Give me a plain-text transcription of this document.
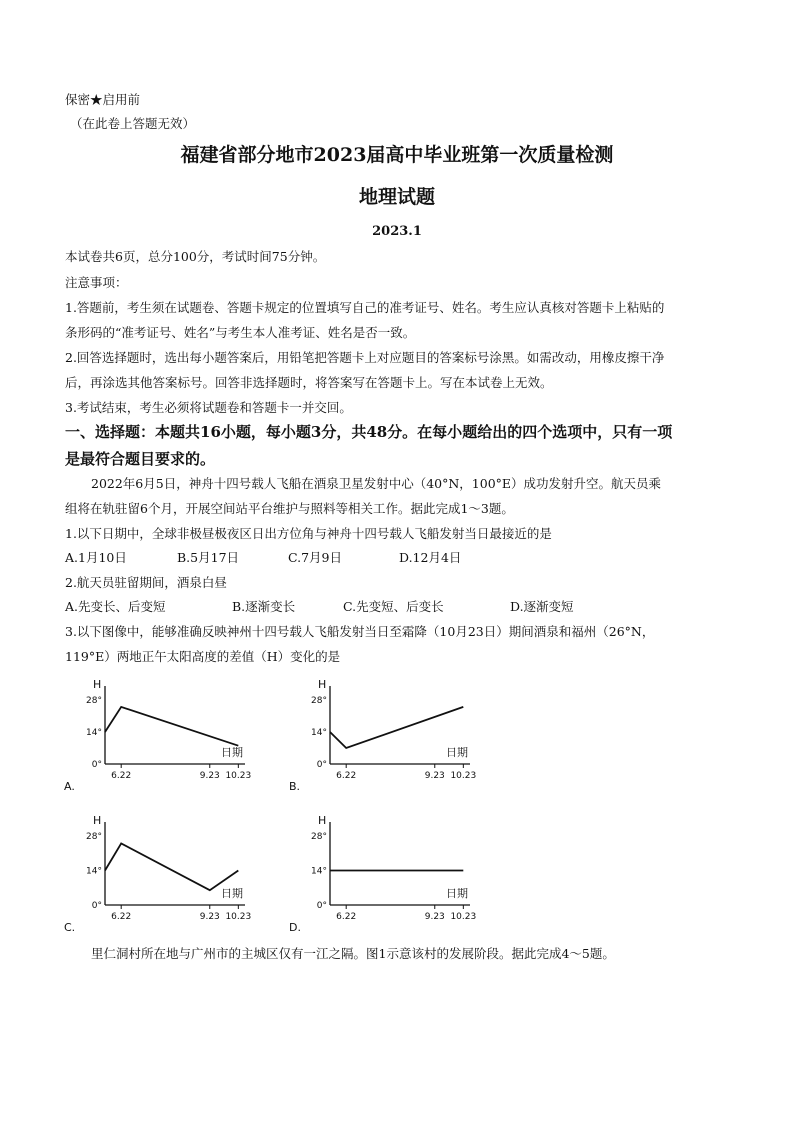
保密★启用前
（在此卷上答题无效）
福建省部分地市2023届高中毕业班第一次质量检测
地理试题
2023.1
本试卷共6页，总分100分，考试时间75分钟。
注意事项：
1.答题前，考生须在试题卷、答题卡规定的位置填写自己的准考证号、姓名。考生应认真核对答题卡上粘贴的
条形码的“准考证号、姓名”与考生本人准考证、姓名是否一致。
2.回答选择题时，选出每小题答案后，用铅笔把答题卡上对应题目的答案标号涂黑。如需改动，用橡皮擦干净
后，再涂选其他答案标号。回答非选择题时，将答案写在答题卡上。写在本试卷上无效。
3.考试结束，考生必须将试题卷和答题卡一并交回。
一、选择题：本题共16小题，每小题3分，共48分。在每小题给出的四个选项中，只有一项
是最符合题目要求的。
2022年6月5日，神舟十四号载人飞船在酒泉卫星发射中心（40°N，100°E）成功发射升空。航天员乘
组将在轨驻留6个月，开展空间站平台维护与照料等相关工作。据此完成1～3题。
1.以下日期中，全球非极昼极夜区日出方位角与神舟十四号载人飞船发射当日最接近的是
A.1月10日	B.5月17日	C.7月9日	D.12月4日
2.航天员驻留期间，酒泉白昼
A.先变长、后变短	B.逐渐变长	C.先变短、后变长	D.逐渐变短
3.以下图像中，能够准确反映神州十四号载人飞船发射当日至霜降（10月23日）期间酒泉和福州（26°N，
119°E）两地正午太阳高度的差值（H）变化的是
H
28°
14°
0°
6.22	9.23 10.23
日期
A.
H
28°
14°
0°
6.22	9.23 10.23
日期
B.
H
28°
14°
0°
6.22	9.23 10.23
日期
C.
H
28°
14°
0°
6.22	9.23 10.23
日期
D.
里仁洞村所在地与广州市的主城区仅有一江之隔。图1示意该村的发展阶段。据此完成4～5题。
